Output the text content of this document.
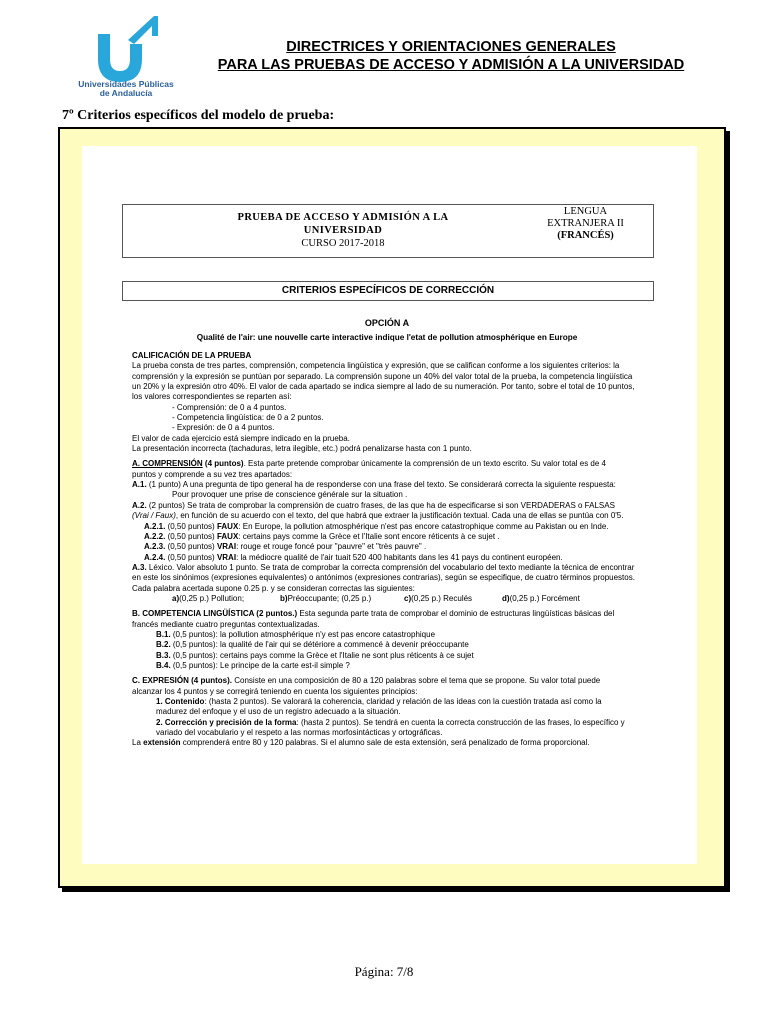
Universidades Públicas
de Andalucía
DIRECTRICES Y ORIENTACIONES GENERALES
PARA LAS PRUEBAS DE ACCESO Y ADMISIÓN A LA UNIVERSIDAD
7º Criterios específicos del modelo de prueba:
PRUEBA DE ACCESO Y ADMISIÓN A LA
UNIVERSIDAD
CURSO 2017-2018
LENGUA
EXTRANJERA II
(FRANCÉS)
CRITERIOS ESPECÍFICOS DE CORRECCIÓN
OPCIÓN A
Qualité de l'air: une nouvelle carte interactive indique l'etat de pollution atmosphérique en Europe

CALIFICACIÓN DE LA PRUEBA

La prueba consta de tres partes, comprensión, competencia lingüística y expresión, que se califican conforme a los siguientes criterios: la

comprensión y la expresión se puntúan por separado. La comprensión supone un 40% del valor total de la prueba, la competencia lingüística

un 20% y la expresión otro 40%. El valor de cada apartado se indica siempre al lado de su numeración. Por tanto, sobre el total de 10 puntos,

los valores correspondientes se reparten así:

- Comprensión: de 0 a 4 puntos.

- Competencia lingüística: de 0 a 2 puntos.

- Expresión: de 0 a 4 puntos.

El valor de cada ejercicio está siempre indicado en la prueba.

La presentación incorrecta (tachaduras, letra ilegible, etc.) podrá penalizarse hasta con 1 punto.

A. COMPRENSIÓN (4 puntos). Esta parte pretende comprobar únicamente la comprensión de un texto escrito. Su valor total es de 4

puntos y comprende a su vez tres apartados:

A.1. (1 punto) A una pregunta de tipo general ha de responderse con una frase del texto. Se considerará correcta la siguiente respuesta:

Pour provoquer une prise de conscience générale sur la situation .

A.2. (2 puntos) Se trata de comprobar la comprensión de cuatro frases, de las que ha de especificarse si son VERDADERAS o FALSAS

(Vrai / Faux), en función de su acuerdo con el texto, del que habrá que extraer la justificación textual. Cada una de ellas se puntúa con 0'5.

A.2.1. (0,50 puntos) FAUX: En Europe, la pollution atmosphérique n'est pas encore catastrophique comme au Pakistan ou en Inde.

A.2.2. (0,50 puntos) FAUX: certains pays comme la Grèce et l'Italie sont encore réticents à ce sujet .

A.2.3. (0,50 puntos) VRAI: rouge et rouge foncé pour "pauvre" et "très pauvre" .

A.2.4. (0,50 puntos) VRAI: la médiocre qualité de l'air tuait 520 400 habitants dans les 41 pays du continent européen.

A.3. Léxico. Valor absoluto 1 punto. Se trata de comprobar la correcta comprensión del vocabulario del texto mediante la técnica de encontrar

en este los sinónimos (expresiones equivalentes) o antónimos (expresiones contrarias), según se especifique, de cuatro términos propuestos.

Cada palabra acertada supone 0.25 p. y se consideran correctas las siguientes:

a)(0,25 p.) Pollution;	b)Préoccupante; (0,25 p.)	c)(0,25 p.) Reculés	d)(0,25 p.) Forcément

B. COMPETENCIA LINGÜÍSTICA (2 puntos.) Esta segunda parte trata de comprobar el dominio de estructuras lingüísticas básicas del

francés mediante cuatro preguntas contextualizadas.

B.1. (0,5 puntos): la pollution atmosphérique n'y est pas encore catastrophique

B.2. (0,5 puntos): la qualité de l'air qui se détériore a commencé à devenir préoccupante

B.3. (0,5 puntos): certains pays comme la Grèce et l'Italie ne sont plus réticents à ce sujet

B.4. (0,5 puntos): Le principe de la carte est-il simple ?

C. EXPRESIÓN (4 puntos). Consiste en una composición de 80 a 120 palabras sobre el tema que se propone. Su valor total puede

alcanzar los 4 puntos y se corregirá teniendo en cuenta los siguientes principios:

1. Contenido: (hasta 2 puntos). Se valorará la coherencia, claridad y relación de las ideas con la cuestión tratada así como la

madurez del enfoque y el uso de un registro adecuado a la situación.

2. Corrección y precisión de la forma: (hasta 2 puntos). Se tendrá en cuenta la correcta construcción de las frases, lo específico y

variado del vocabulario y el respeto a las normas morfosintácticas y ortográficas.

La extensión comprenderá entre 80 y 120 palabras. Si el alumno sale de esta extensión, será penalizado de forma proporcional.

Página: 7/8
